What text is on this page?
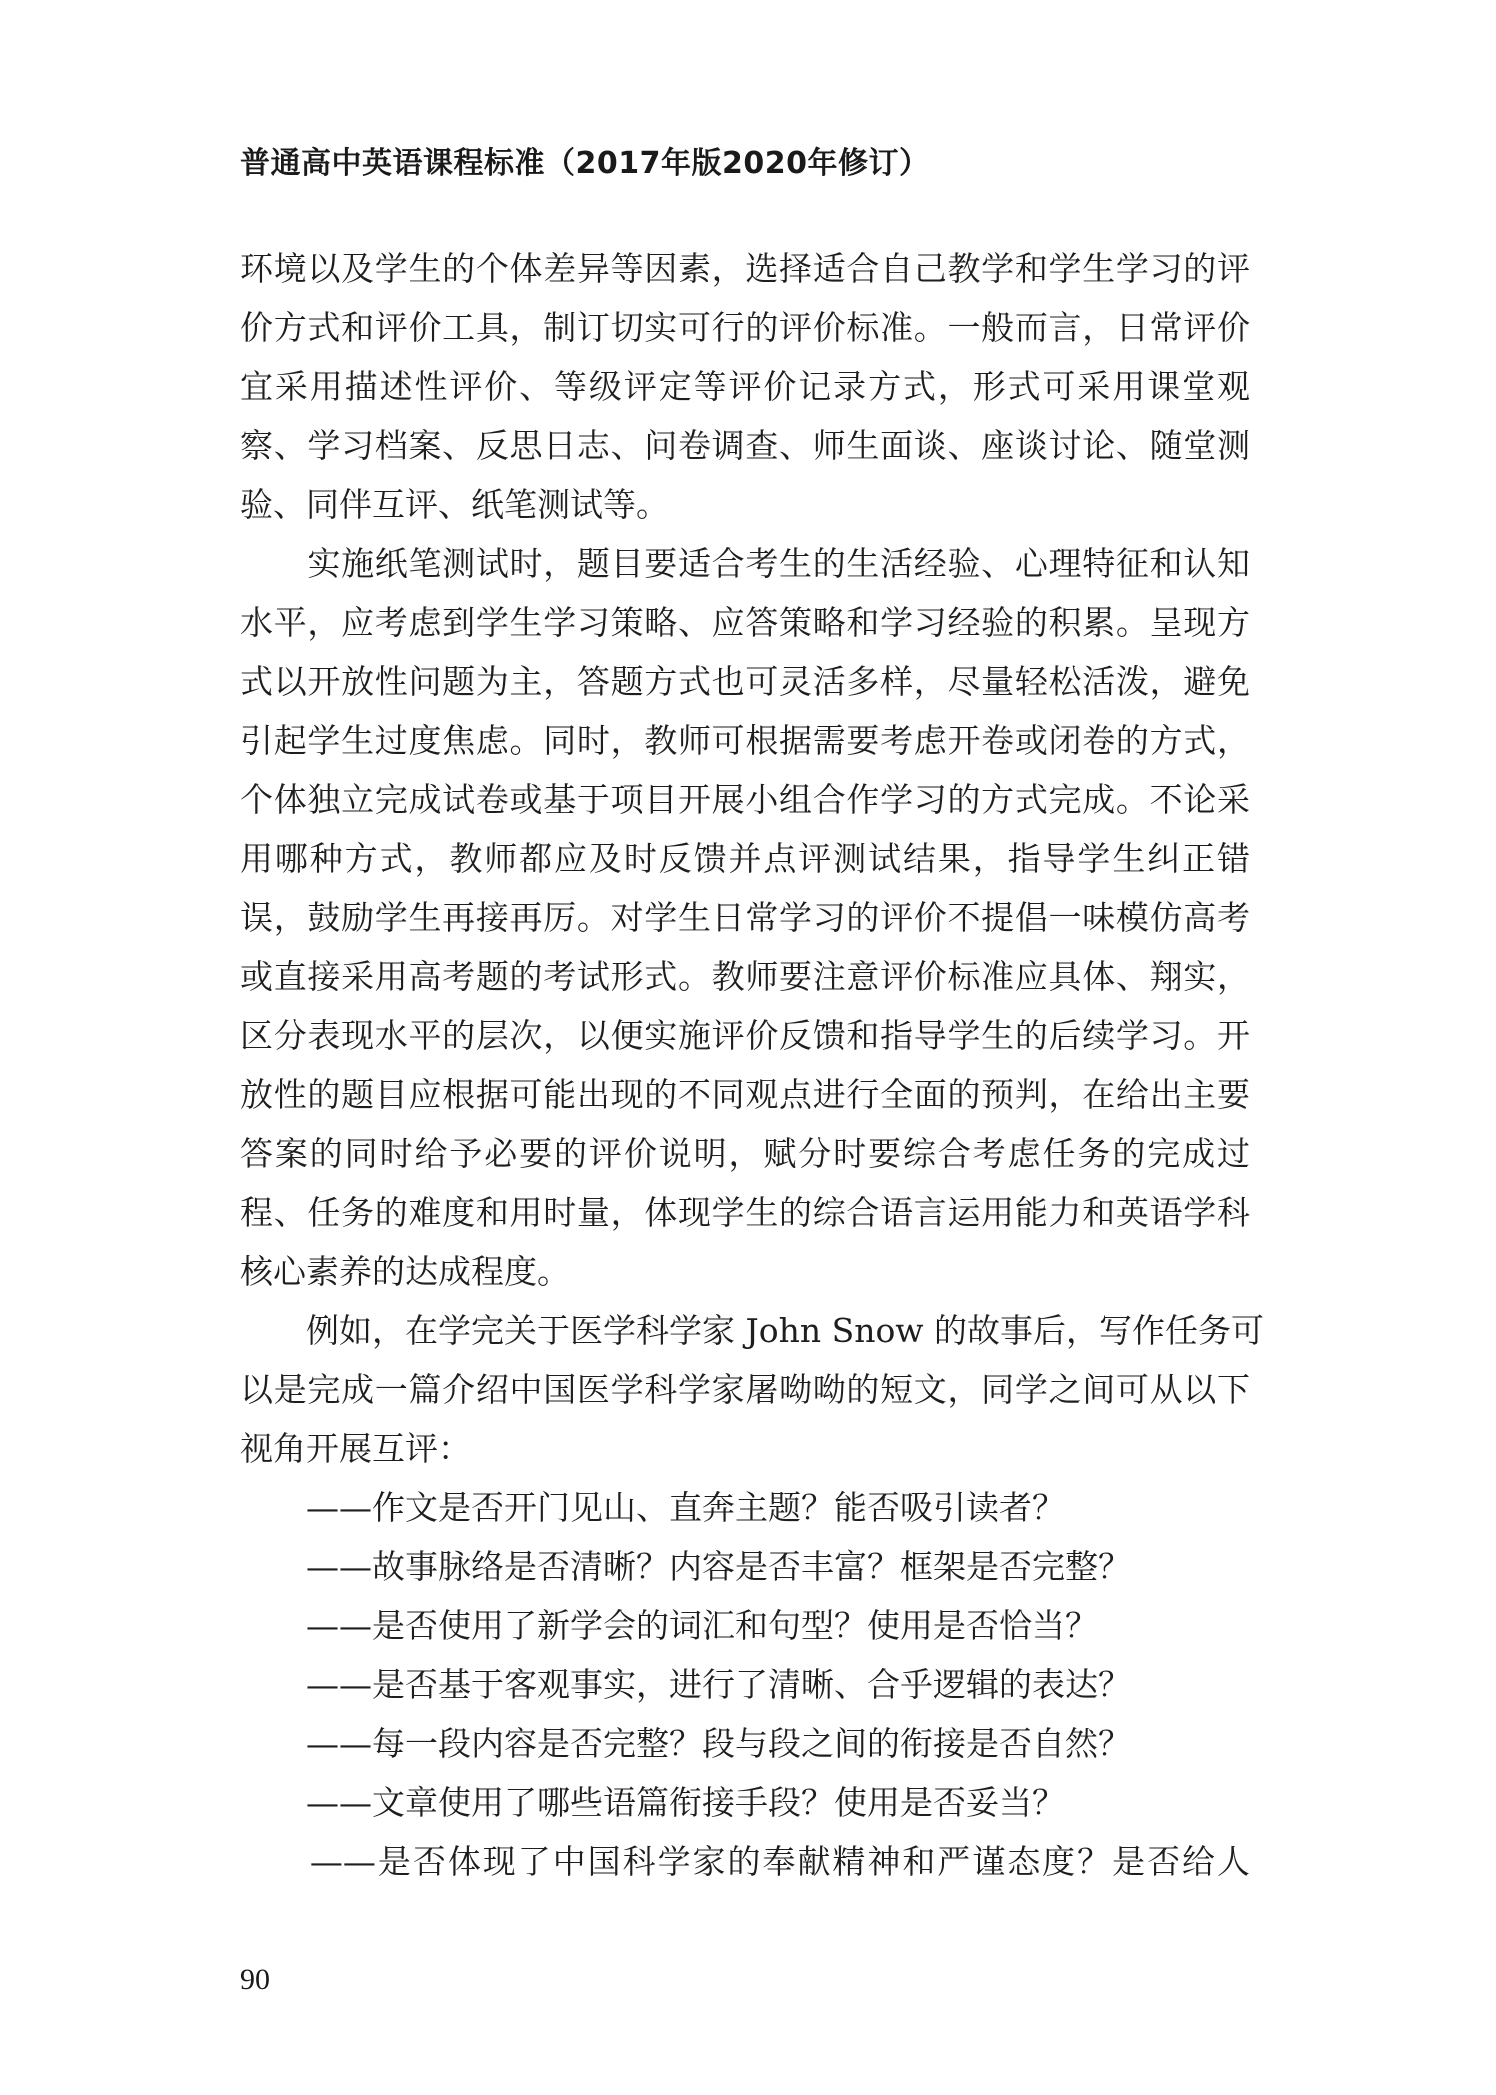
普通高中英语课程标准（2017年版2020年修订）
环境以及学生的个体差异等因素，选择适合自己教学和学生学习的评
价方式和评价工具，制订切实可行的评价标准。一般而言，日常评价
宜采用描述性评价、等级评定等评价记录方式，形式可采用课堂观
察、学习档案、反思日志、问卷调查、师生面谈、座谈讨论、随堂测
验、同伴互评、纸笔测试等。
　　实施纸笔测试时，题目要适合考生的生活经验、心理特征和认知
水平，应考虑到学生学习策略、应答策略和学习经验的积累。呈现方
式以开放性问题为主，答题方式也可灵活多样，尽量轻松活泼，避免
引起学生过度焦虑。同时，教师可根据需要考虑开卷或闭卷的方式，
个体独立完成试卷或基于项目开展小组合作学习的方式完成。不论采
用哪种方式，教师都应及时反馈并点评测试结果，指导学生纠正错
误，鼓励学生再接再厉。对学生日常学习的评价不提倡一味模仿高考
或直接采用高考题的考试形式。教师要注意评价标准应具体、翔实，
区分表现水平的层次，以便实施评价反馈和指导学生的后续学习。开
放性的题目应根据可能出现的不同观点进行全面的预判，在给出主要
答案的同时给予必要的评价说明，赋分时要综合考虑任务的完成过
程、任务的难度和用时量，体现学生的综合语言运用能力和英语学科
核心素养的达成程度。
　　例如，在学完关于医学科学家 John Snow 的故事后，写作任务可
以是完成一篇介绍中国医学科学家屠呦呦的短文，同学之间可从以下
视角开展互评：
　　——作文是否开门见山、直奔主题？能否吸引读者？
　　——故事脉络是否清晰？内容是否丰富？框架是否完整？
　　——是否使用了新学会的词汇和句型？使用是否恰当？
　　——是否基于客观事实，进行了清晰、合乎逻辑的表达？
　　——每一段内容是否完整？段与段之间的衔接是否自然？
　　——文章使用了哪些语篇衔接手段？使用是否妥当？
　　——是否体现了中国科学家的奉献精神和严谨态度？是否给人
90
